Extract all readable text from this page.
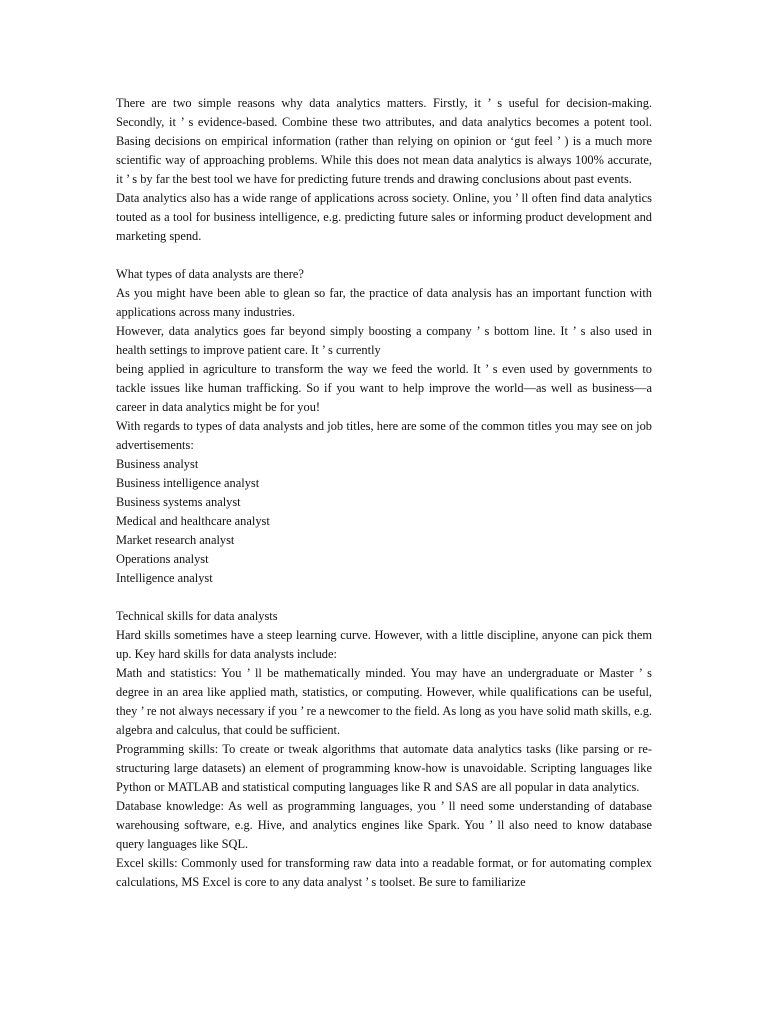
There are two simple reasons why data analytics matters. Firstly, it ’ s useful for decision-making. Secondly, it ’ s evidence-based. Combine these two attributes, and data analytics becomes a potent tool. Basing decisions on empirical information (rather than relying on opinion or ‘gut feel ’ ) is a much more scientific way of approaching problems. While this does not mean data analytics is always 100% accurate, it ’ s by far the best tool we have for predicting future trends and drawing conclusions about past events.

Data analytics also has a wide range of applications across society. Online, you ’ ll often find data analytics touted as a tool for business intelligence, e.g. predicting future sales or informing product development and marketing spend.

What types of data analysts are there?

As you might have been able to glean so far, the practice of data analysis has an important function with applications across many industries.

However, data analytics goes far beyond simply boosting a company ’ s bottom line. It ’ s also used in health settings to improve patient care. It ’ s currently

being applied in agriculture to transform the way we feed the world. It ’ s even used by governments to tackle issues like human trafficking. So if you want to help improve the world—as well as business—a career in data analytics might be for you!

With regards to types of data analysts and job titles, here are some of the common titles you may see on job advertisements:

Business analyst

Business intelligence analyst

Business systems analyst

Medical and healthcare analyst

Market research analyst

Operations analyst

Intelligence analyst

Technical skills for data analysts

Hard skills sometimes have a steep learning curve. However, with a little discipline, anyone can pick them up. Key hard skills for data analysts include:

Math and statistics: You ’ ll be mathematically minded. You may have an undergraduate or Master ’ s degree in an area like applied math, statistics, or computing. However, while qualifications can be useful, they ’ re not always necessary if you ’ re a newcomer to the field. As long as you have solid math skills, e.g. algebra and calculus, that could be sufficient.

Programming skills: To create or tweak algorithms that automate data analytics tasks (like parsing or re-structuring large datasets) an element of programming know-how is unavoidable. Scripting languages like Python or MATLAB and statistical computing languages like R and SAS are all popular in data analytics.

Database knowledge: As well as programming languages, you ’ ll need some understanding of database warehousing software, e.g. Hive, and analytics engines like Spark. You ’ ll also need to know database query languages like SQL.

Excel skills: Commonly used for transforming raw data into a readable format, or for automating complex calculations, MS Excel is core to any data analyst ’ s toolset. Be sure to familiarize
